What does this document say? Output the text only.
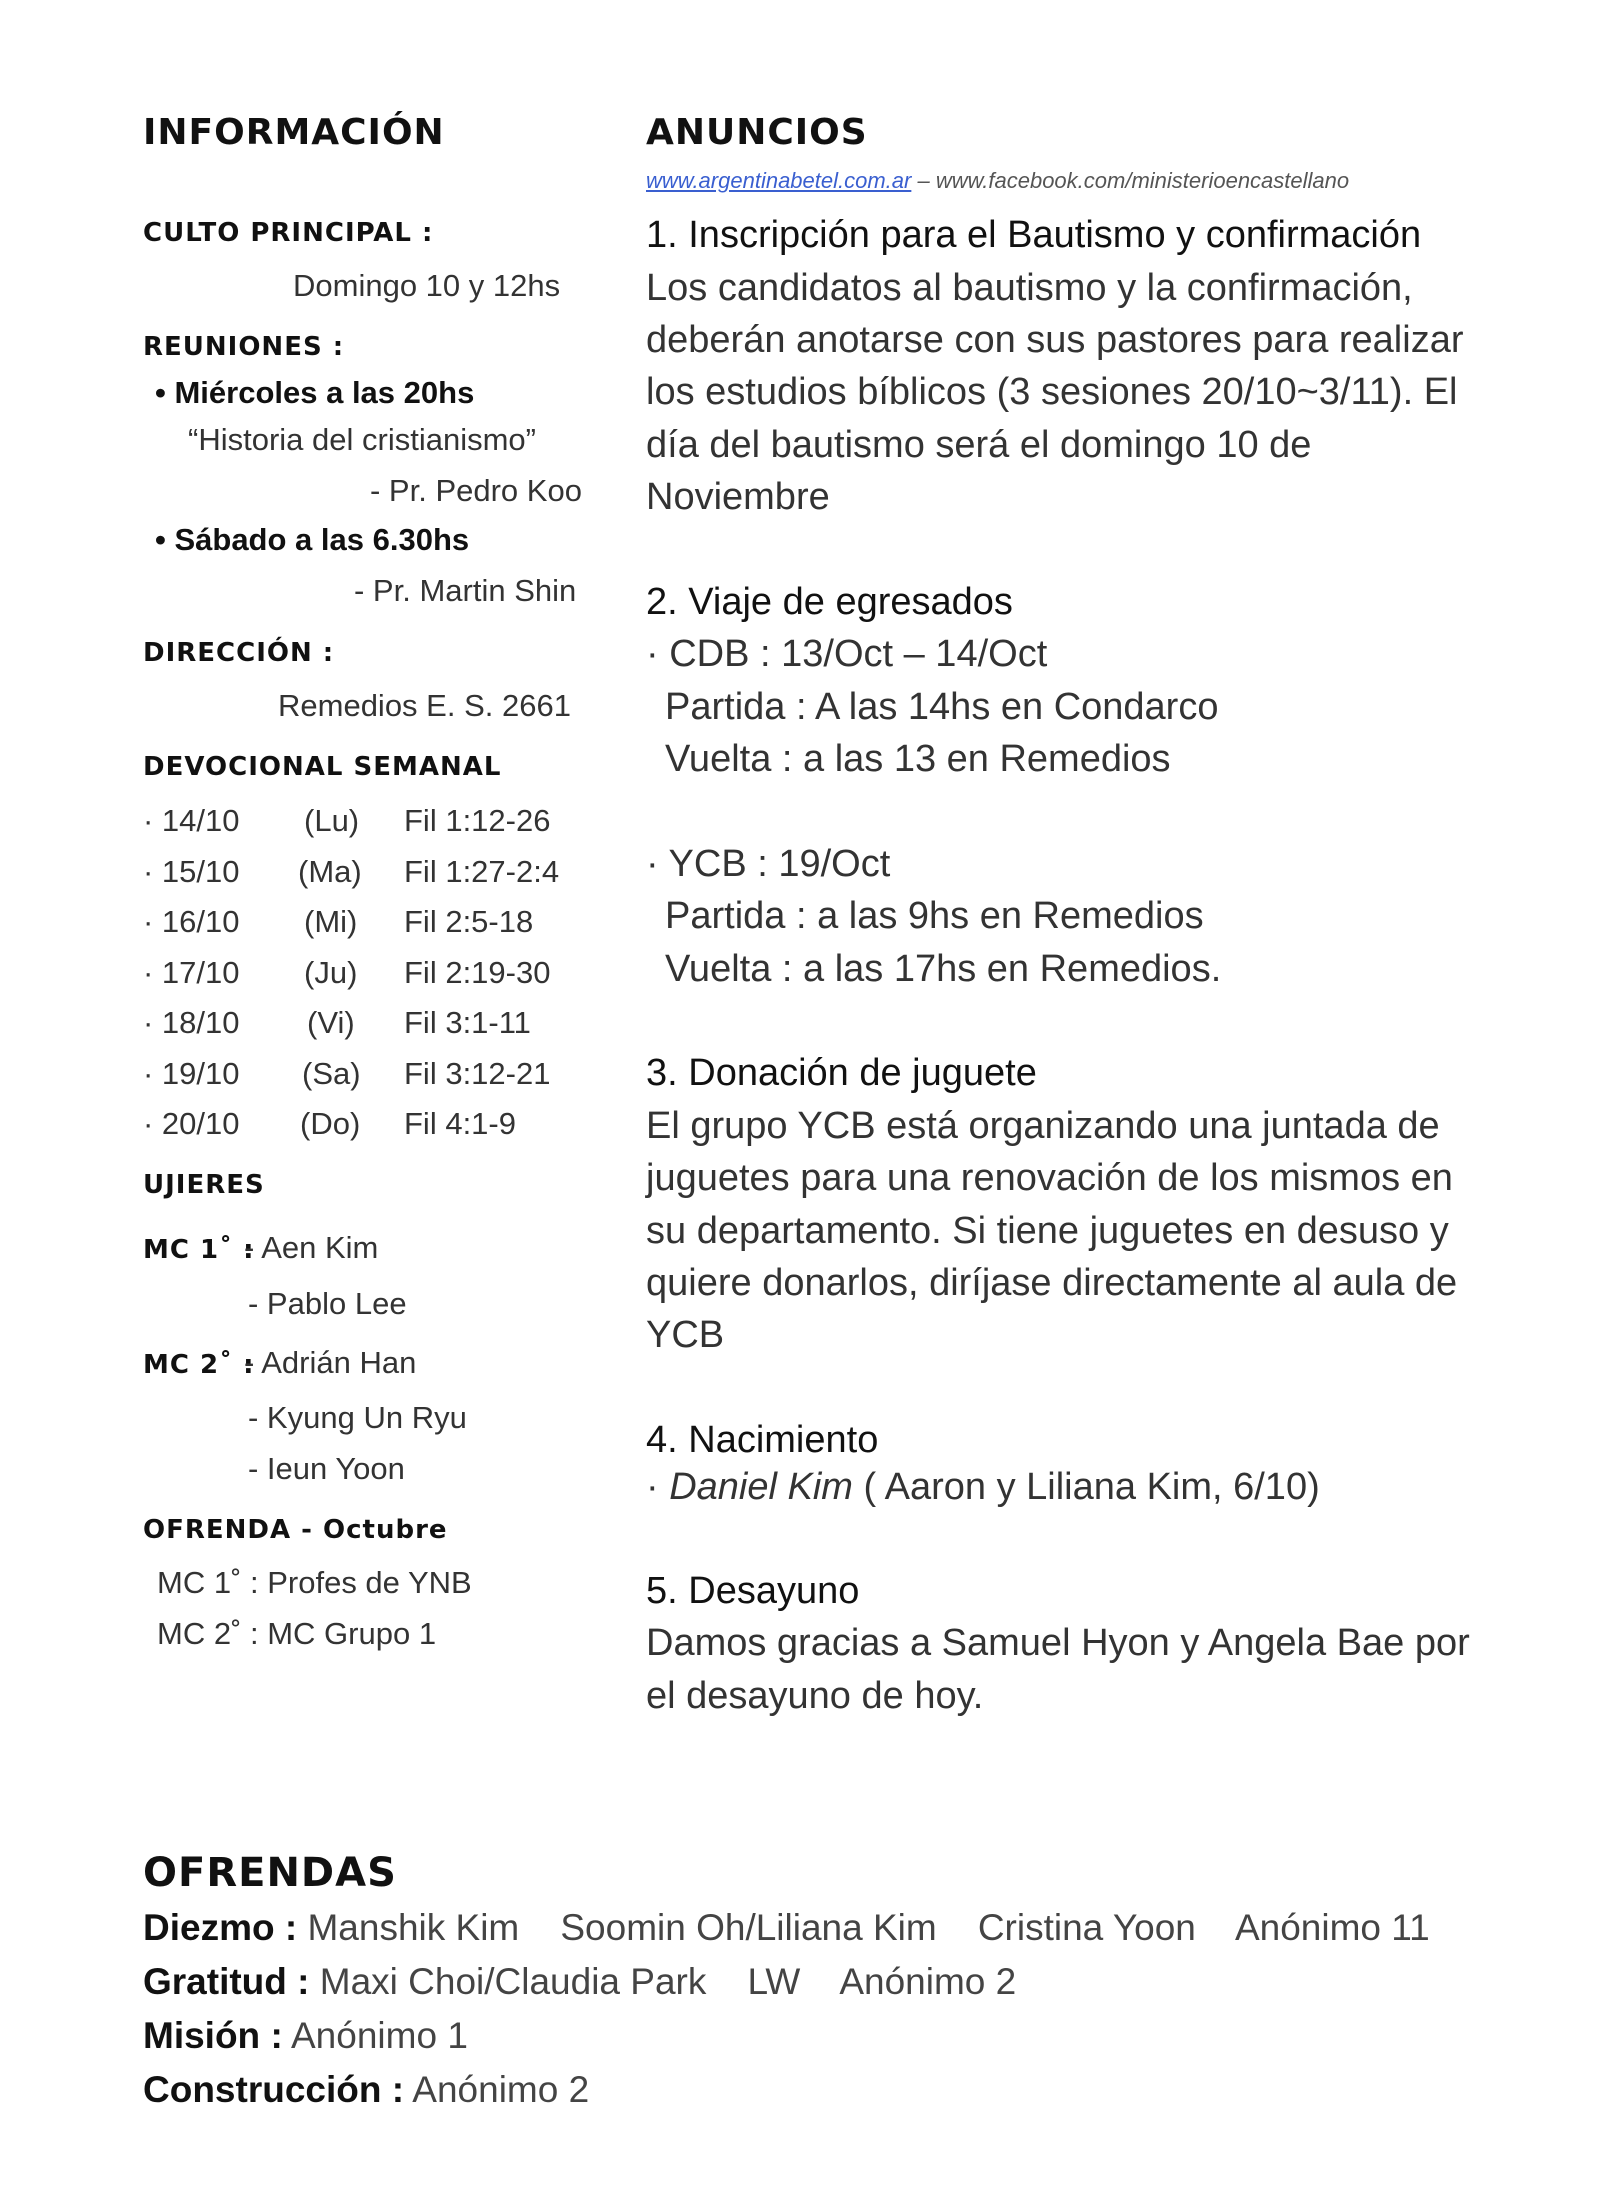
INFORMACIÓN
CULTO PRINCIPAL :
Domingo 10 y 12hs
REUNIONES :
• Miércoles a las 20hs
“Historia del cristianismo”
- Pr. Pedro Koo
• Sábado a las 6.30hs
- Pr. Martin Shin
DIRECCIÓN :
Remedios E. S. 2661
DEVOCIONAL SEMANAL
· 14/10 (Lu) Fil 1:12-26
· 15/10 (Ma) Fil 1:27-2:4
· 16/10 (Mi) Fil 2:5-18
· 17/10 (Ju) Fil 2:19-30
· 18/10 (Vi) Fil 3:1-11
· 19/10 (Sa) Fil 3:12-21
· 20/10 (Do) Fil 4:1-9
UJIERES
MC 1˚ :
- Aen Kim
- Pablo Lee
MC 2˚ :
- Adrián Han
- Kyung Un Ryu
- Ieun Yoon
OFRENDA - Octubre
MC 1˚ : Profes de YNB
MC 2˚ : MC Grupo 1
ANUNCIOS
www.argentinabetel.com.ar – www.facebook.com/ministerioencastellano
1. Inscripción para el Bautismo y confirmación
Los candidatos al bautismo y la confirmación,
deberán anotarse con sus pastores para realizar
los estudios bíblicos (3 sesiones 20/10~3/11). El
día del bautismo será el domingo 10 de
Noviembre
2. Viaje de egresados
· CDB : 13/Oct – 14/Oct
Partida : A las 14hs en Condarco
Vuelta : a las 13 en Remedios
· YCB : 19/Oct
Partida : a las 9hs en Remedios
Vuelta : a las 17hs en Remedios.
3. Donación de juguete
El grupo YCB está organizando una juntada de
juguetes para una renovación de los mismos en
su departamento. Si tiene juguetes en desuso y
quiere donarlos, diríjase directamente al aula de
YCB
4. Nacimiento
· Daniel Kim ( Aaron y Liliana Kim, 6/10)
5. Desayuno
Damos gracias a Samuel Hyon y Angela Bae por
el desayuno de hoy.
OFRENDAS
Diezmo : Manshik Kim    Soomin Oh/Liliana Kim    Cristina Yoon    Anónimo 11
Gratitud : Maxi Choi/Claudia Park    LW    Anónimo 2
Misión : Anónimo 1
Construcción : Anónimo 2
